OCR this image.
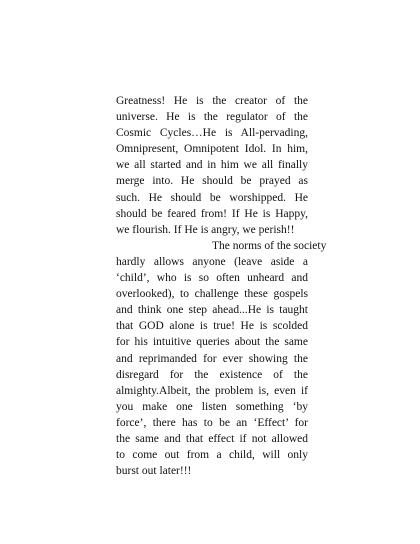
Greatness! He is the creator of the
universe. He is the regulator of the
Cosmic Cycles…He is All-pervading,
Omnipresent, Omnipotent Idol. In him,
we all started and in him we all finally
merge into. He should be prayed as
such. He should be worshipped. He
should be feared from! If He is Happy,
we flourish. If He is angry, we perish!!
The norms of the society
hardly allows anyone (leave aside a
‘child’, who is so often unheard and
overlooked), to challenge these gospels
and think one step ahead...He is taught
that GOD alone is true! He is scolded
for his intuitive queries about the same
and reprimanded for ever showing the
disregard for the existence of the
almighty.Albeit, the problem is, even if
you make one listen something ‘by
force’, there has to be an ‘Effect’ for
the same and that effect if not allowed
to come out from a child, will only
burst out later!!!
